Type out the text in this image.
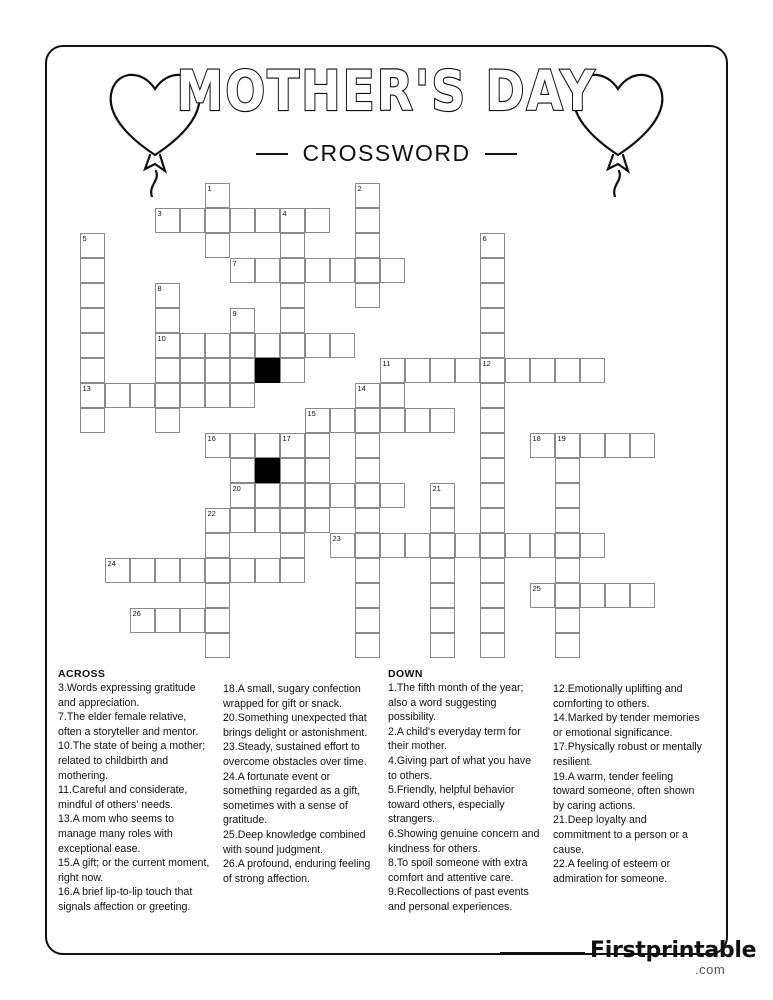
MOTHER'S DAY
CROSSWORD
1	2
3	4
5	6
7
8
9
10
11	12
13	14
15
16	17	18 19
20	21
22
23
24
25
26
ACROSS

3.Words expressing gratitude and appreciation.

7.The elder female relative, often a storyteller and mentor.

10.The state of being a mother; related to childbirth and mothering.

11.Careful and considerate, mindful of others' needs.

13.A mom who seems to manage many roles with exceptional ease.

15.A gift; or the current moment, right now.

16.A brief lip-to-lip touch that signals affection or greeting.

18.A small, sugary confection wrapped for gift or snack.

20.Something unexpected that brings delight or astonishment.

23.Steady, sustained effort to overcome obstacles over time.

24.A fortunate event or something regarded as a gift, sometimes with a sense of gratitude.

25.Deep knowledge combined with sound judgment.

26.A profound, enduring feeling of strong affection.

DOWN

1.The fifth month of the year; also a word suggesting possibility.

2.A child's everyday term for their mother.

4.Giving part of what you have to others.

5.Friendly, helpful behavior toward others, especially strangers.

6.Showing genuine concern and kindness for others.

8.To spoil someone with extra comfort and attentive care.

9.Recollections of past events and personal experiences.

12.Emotionally uplifting and comforting to others.

14.Marked by tender memories or emotional significance.

17.Physically robust or mentally resilient.

19.A warm, tender feeling toward someone, often shown by caring actions.

21.Deep loyalty and commitment to a person or a cause.

22.A feeling of esteem or admiration for someone.

Firstprintable
.com
